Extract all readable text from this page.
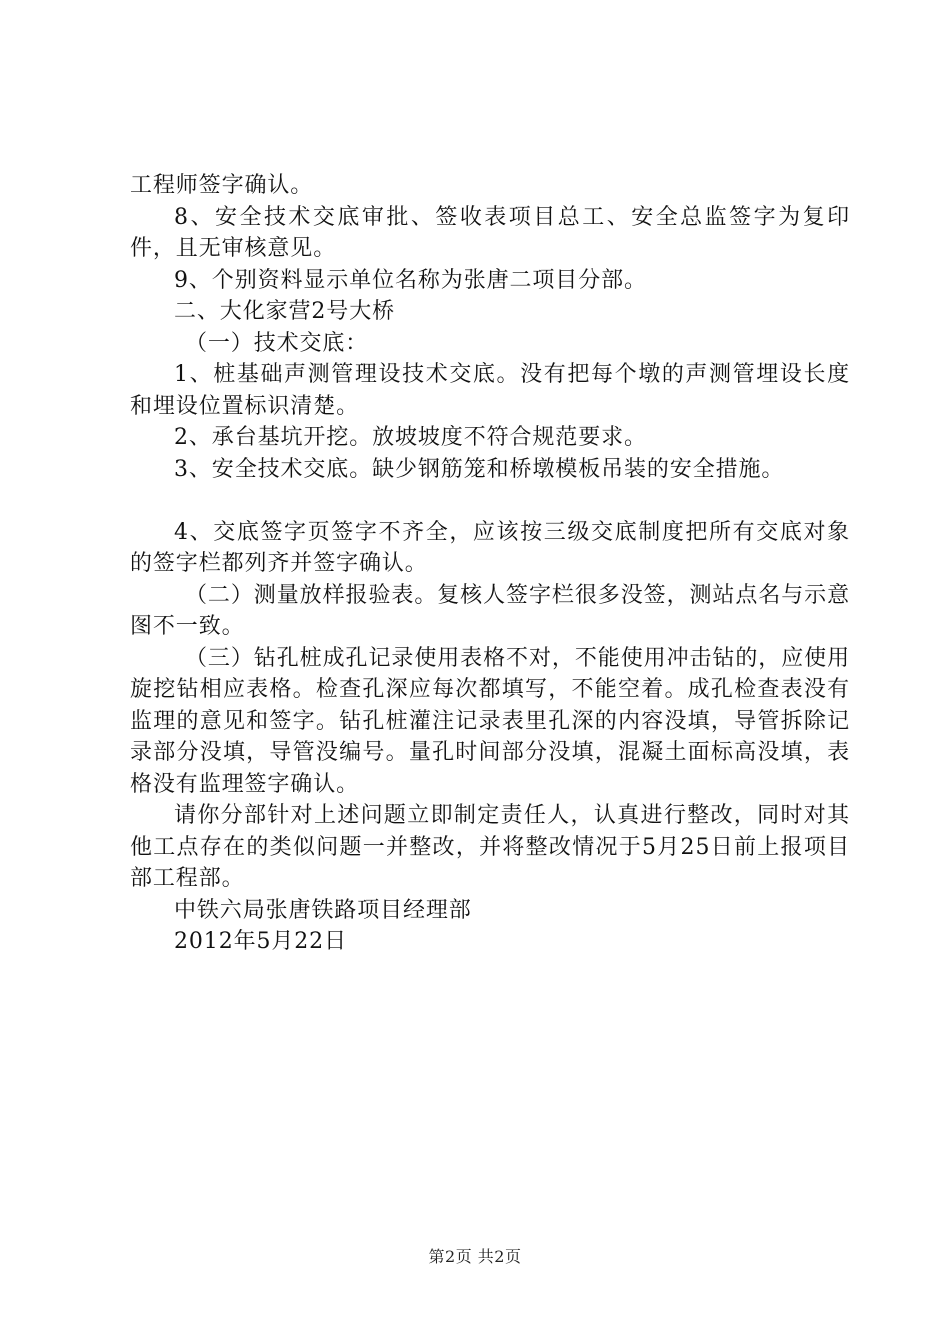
工程师签字确认。

8、安全技术交底审批、签收表项目总工、安全总监签字为复印件，且无审核意见。

9、个别资料显示单位名称为张唐二项目分部。

二、大化家营2号大桥

（一）技术交底：

1、桩基础声测管理设技术交底。没有把每个墩的声测管埋设长度和埋设位置标识清楚。

2、承台基坑开挖。放坡坡度不符合规范要求。

3、安全技术交底。缺少钢筋笼和桥墩模板吊装的安全措施。

4、交底签字页签字不齐全，应该按三级交底制度把所有交底对象的签字栏都列齐并签字确认。

（二）测量放样报验表。复核人签字栏很多没签，测站点名与示意图不一致。

（三）钻孔桩成孔记录使用表格不对，不能使用冲击钻的，应使用旋挖钻相应表格。检查孔深应每次都填写，不能空着。成孔检查表没有监理的意见和签字。钻孔桩灌注记录表里孔深的内容没填，导管拆除记录部分没填，导管没编号。量孔时间部分没填，混凝土面标高没填，表格没有监理签字确认。

请你分部针对上述问题立即制定责任人，认真进行整改，同时对其他工点存在的类似问题一并整改，并将整改情况于5月25日前上报项目部工程部。

中铁六局张唐铁路项目经理部

2012年5月22日

第2页 共2页
